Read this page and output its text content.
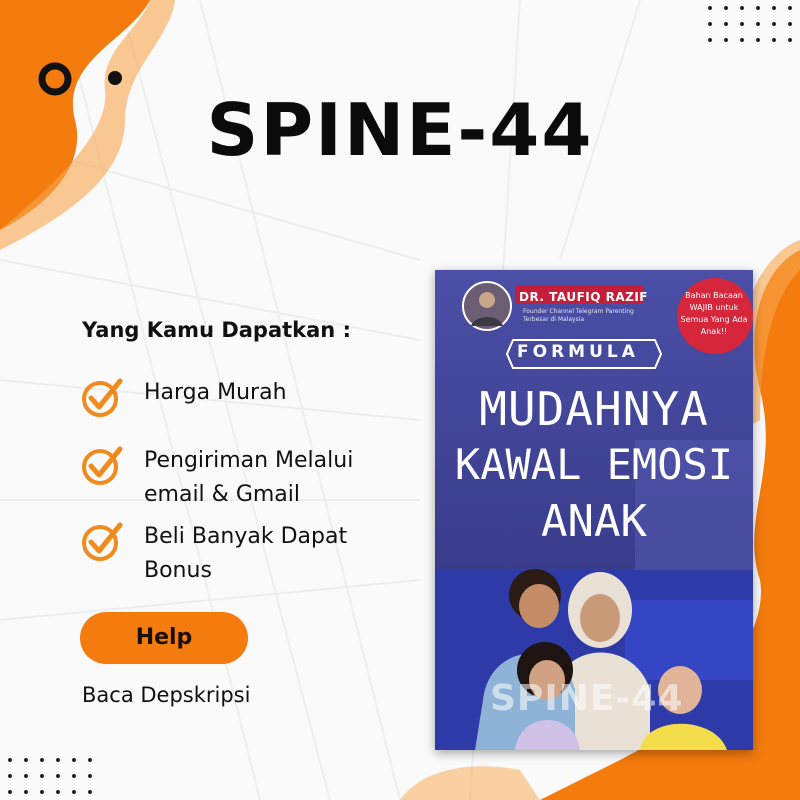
SPINE-44
Yang Kamu Dapatkan :
Harga Murah
Pengiriman Melalui email & Gmail
Beli Banyak Dapat Bonus
Help
Baca Depskripsi
DR. TAUFIQ RAZIF
Founder Channel Telegram Parenting Terbesar di Malaysia
FORMULA
MUDAHNYA
KAWAL EMOSI
ANAK
Bahan Bacaan WAJIB untuk Semua Yang Ada Anak!!
SPINE-44
